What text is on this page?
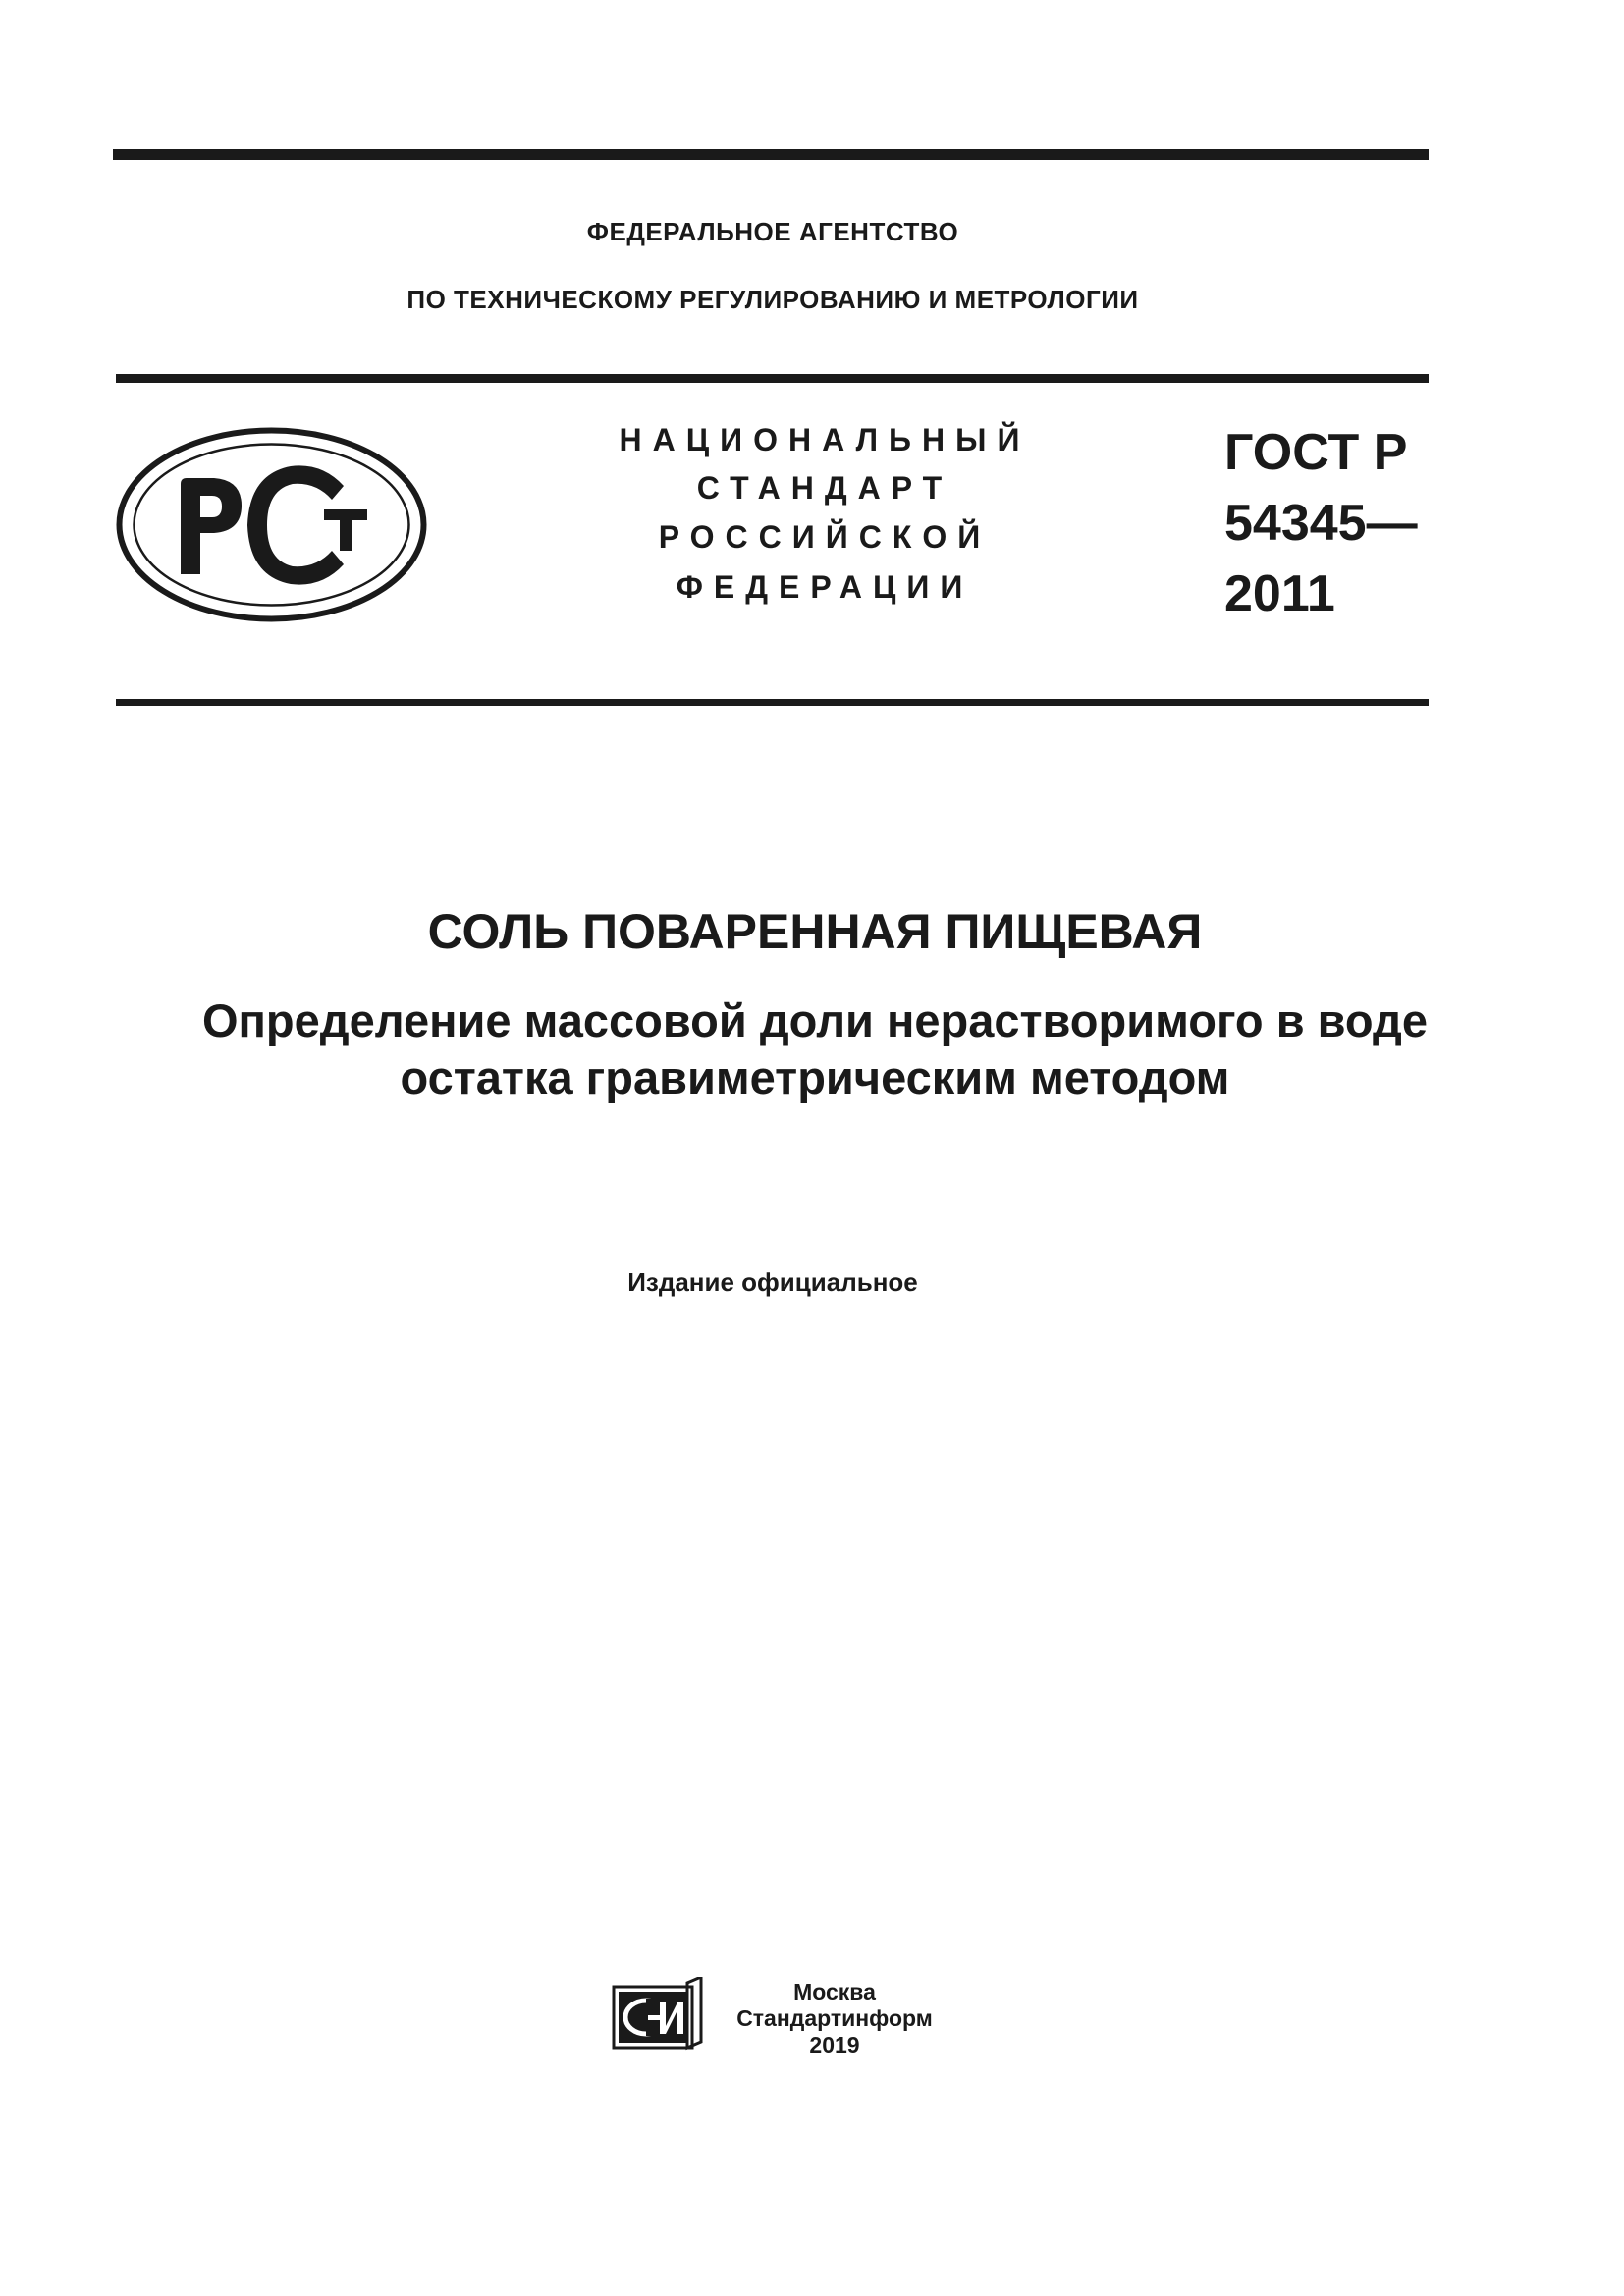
ФЕДЕРАЛЬНОЕ АГЕНТСТВО
ПО ТЕХНИЧЕСКОМУ РЕГУЛИРОВАНИЮ И МЕТРОЛОГИИ
НАЦИОНАЛЬНЫЙ
СТАНДАРТ
РОССИЙСКОЙ
ФЕДЕРАЦИИ
ГОСТ Р
54345—
2011
СОЛЬ ПОВАРЕННАЯ ПИЩЕВАЯ
Определение массовой доли нерастворимого в воде
остатка гравиметрическим методом
Издание официальное
Москва
Стандартинформ
2019
